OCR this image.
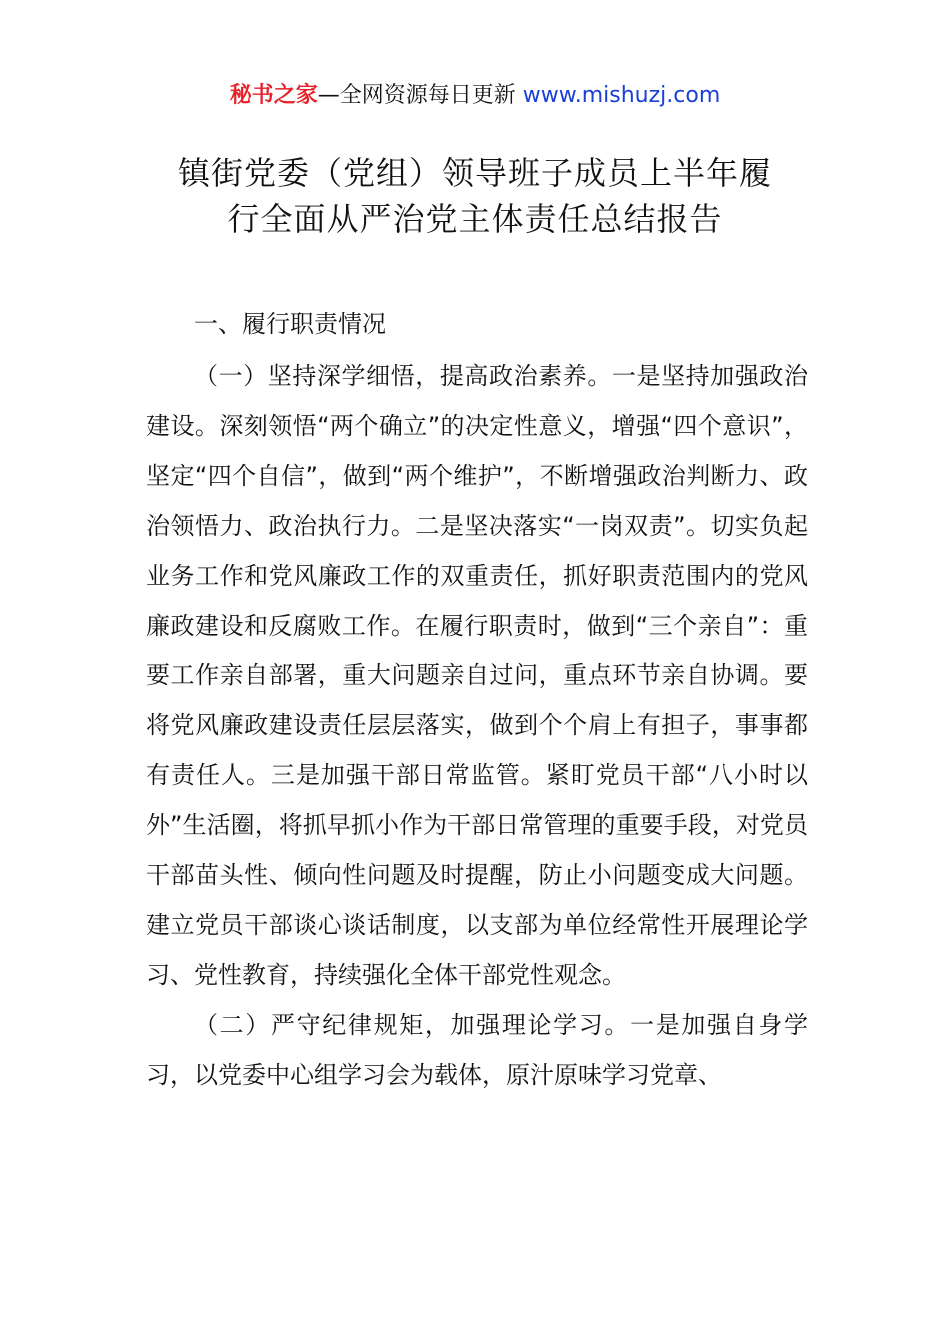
秘书之家—全网资源每日更新 www.mishuzj.com
镇街党委（党组）领导班子成员上半年履
行全面从严治党主体责任总结报告
一、履行职责情况

（一）坚持深学细悟，提高政治素养。一是坚持加强政治建设。深刻领悟“两个确立”的决定性意义，增强“四个意识”，坚定“四个自信”，做到“两个维护”，不断增强政治判断力、政治领悟力、政治执行力。二是坚决落实“一岗双责”。切实负起业务工作和党风廉政工作的双重责任，抓好职责范围内的党风廉政建设和反腐败工作。在履行职责时，做到“三个亲自”：重要工作亲自部署，重大问题亲自过问，重点环节亲自协调。要将党风廉政建设责任层层落实，做到个个肩上有担子，事事都有责任人。三是加强干部日常监管。紧盯党员干部“八小时以外”生活圈，将抓早抓小作为干部日常管理的重要手段，对党员干部苗头性、倾向性问题及时提醒，防止小问题变成大问题。建立党员干部谈心谈话制度，以支部为单位经常性开展理论学习、党性教育，持续强化全体干部党性观念。

（二）严守纪律规矩，加强理论学习。一是加强自身学习，以党委中心组学习会为载体，原汁原味学习党章、
